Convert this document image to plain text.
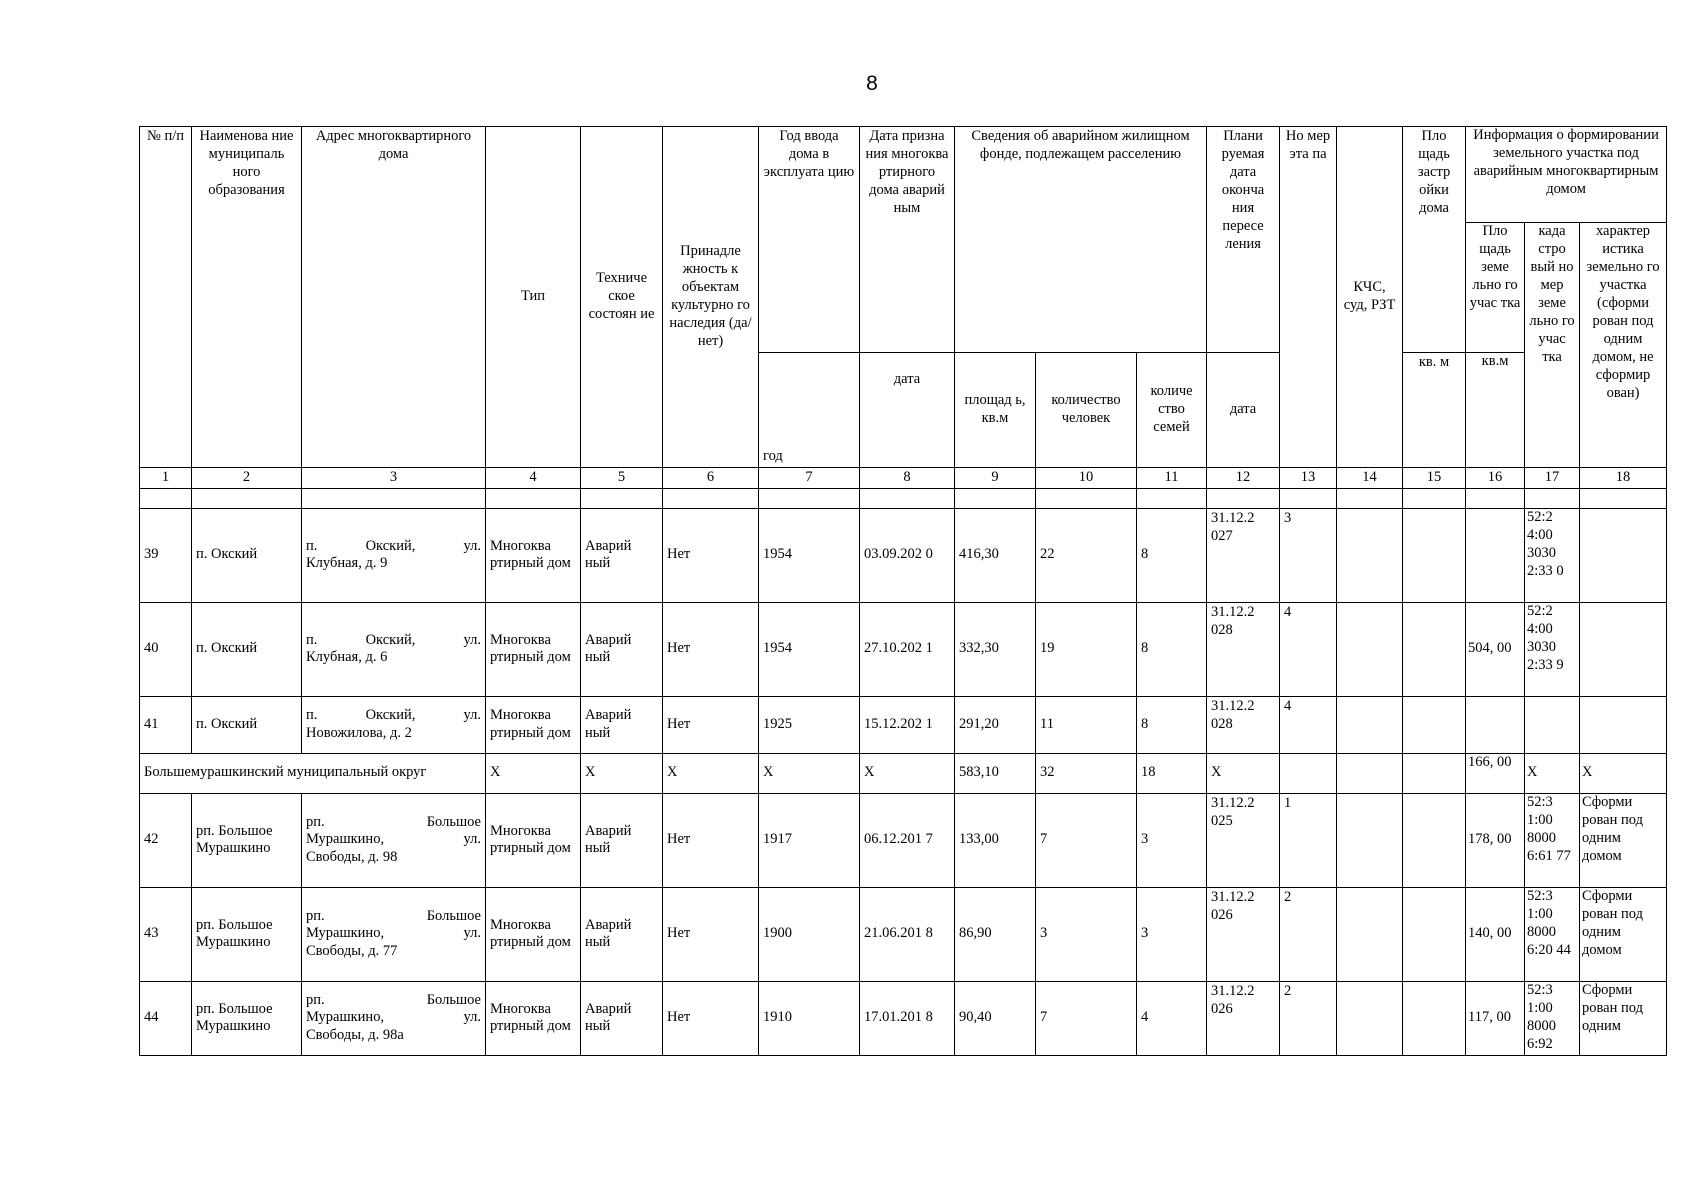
8
№ п/п	Наименова ние муниципаль ного образования	Адрес многоквартирного дома	Тип	Техниче ское состоян ие	Принадле жность к объектам культурно го наследия (да/нет)	Год ввода дома в эксплуата цию	Дата призна ния многоква ртирного дома аварий ным	Сведения об аварийном жилищном фонде, подлежащем расселению			Плани руемая дата оконча ния пересе ления	Но мер эта па	КЧС, суд, РЗТ	Пло щадь застр ойки дома	Информация о формировании земельного участка под аварийным многоквартирным домом		
															Пло щадь земе льно го учас тка	када стро вый но мер земе льно го учас тка	характер истика земельно го участка (сформи рован под одним домом, не сформир ован)
						год	дата	площад ь, кв.м	количество человек	количе ство семей	дата			кв. м	кв.м		
1	2	3	4	5	6	7	8	9	10	11	12	13	14	15	16	17	18

39	п. Окский	п. Окский, ул.
Клубная, д. 9	Многоква ртирный дом	Аварий ный	Нет	1954	03.09.202 0	416,30	22	8	31.12.2 027	3				52:2 4:00 3030 2:33 0	
40	п. Окский	п. Окский, ул.
Клубная, д. 6	Многоква ртирный дом	Аварий ный	Нет	1954	27.10.202 1	332,30	19	8	31.12.2 028	4			504, 00	52:2 4:00 3030 2:33 9	
41	п. Окский	п. Окский, ул.
Новожилова, д. 2	Многоква ртирный дом	Аварий ный	Нет	1925	15.12.202 1	291,20	11	8	31.12.2 028	4					
Большемурашкинский муниципальный округ			X	X	X	X	X	583,10	32	18	X				166, 00	X	X
42	рп. Большое Мурашкино	рп. Большое
Мурашкино, ул.
Свободы, д. 98	Многоква ртирный дом	Аварий ный	Нет	1917	06.12.201 7	133,00	7	3	31.12.2 025	1			178, 00	52:3 1:00 8000 6:61 77	Сформи рован под одним домом
43	рп. Большое Мурашкино	рп. Большое
Мурашкино, ул.
Свободы, д. 77	Многоква ртирный дом	Аварий ный	Нет	1900	21.06.201 8	86,90	3	3	31.12.2 026	2			140, 00	52:3 1:00 8000 6:20 44	Сформи рован под одним домом
44	рп. Большое Мурашкино	рп. Большое
Мурашкино, ул.
Свободы, д. 98а	Многоква ртирный дом	Аварий ный	Нет	1910	17.01.201 8	90,40	7	4	31.12.2 026	2			117, 00	52:3 1:00 8000 6:92	Сформи рован под одним
